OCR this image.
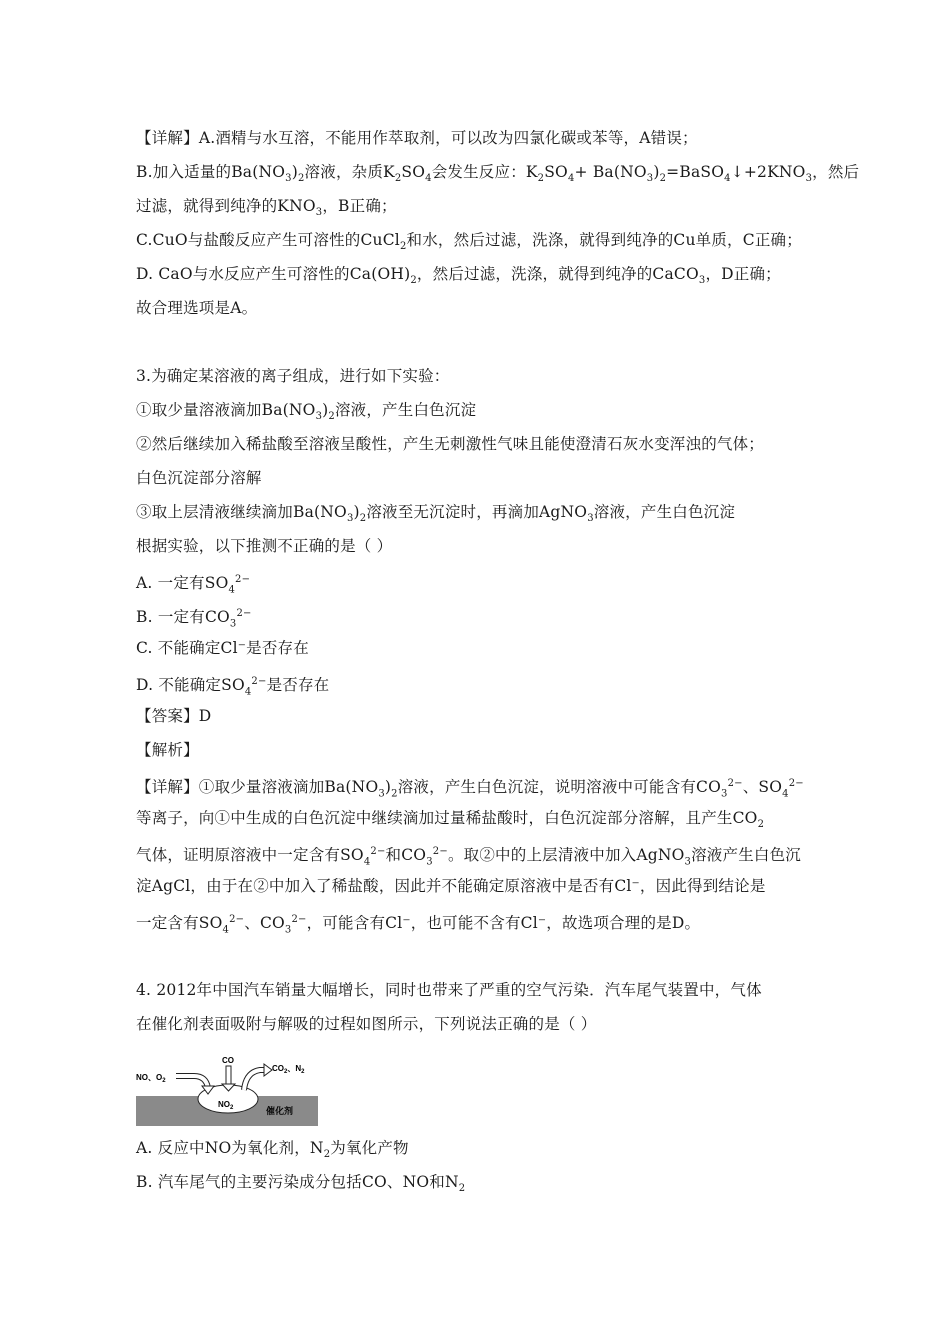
【详解】A.酒精与水互溶，不能用作萃取剂，可以改为四氯化碳或苯等，A错误；
B.加入适量的$Ba(NO_3)_2$溶液，杂质$K_2SO_4$会发生反应：$K_2SO_4+$ $Ba(NO_3)_2=BaSO_4↓+2KNO_3$，然后
过滤，就得到纯净的$KNO_3$，B正确；
C.CuO与盐酸反应产生可溶性的CuCl$_2$和水，然后过滤，洗涤，就得到纯净的Cu单质，C正确；
D. CaO与水反应产生可溶性的$Ca(OH)_2$，然后过滤，洗涤，就得到纯净的CaCO$_3$，D正确；
故合理选项是A。
3.为确定某溶液的离子组成，进行如下实验：
①取少量溶液滴加$Ba(NO_3)_2$溶液，产生白色沉淀
②然后继续加入稀盐酸至溶液呈酸性，产生无刺激性气味且能使澄清石灰水变浑浊的气体；
白色沉淀部分溶解
③取上层清液继续滴加$Ba(NO_3)_2$溶液至无沉淀时，再滴加AgNO$_3$溶液，产生白色沉淀
根据实验，以下推测不正确的是（ ）
A. 一定有$SO_4^{2-}$
B. 一定有$CO_3^{2-}$
C. 不能确定Cl⁻是否存在
D. 不能确定$SO_4^{2-}$是否存在
【答案】D
【解析】
【详解】①取少量溶液滴加$Ba(NO_3)_2$溶液，产生白色沉淀，说明溶液中可能含有$CO_3^{2-}$、$SO_4^{2-}$
等离子，向①中生成的白色沉淀中继续滴加过量稀盐酸时，白色沉淀部分溶解，且产生$CO_2$
气体，证明原溶液中一定含有$SO_4^{2-}$和$CO_3^{2-}$。取②中的上层清液中加入AgNO$_3$溶液产生白色沉
淀AgCl，由于在②中加入了稀盐酸，因此并不能确定原溶液中是否有Cl⁻，因此得到结论是
一定含有$SO_4^{2-}$、$CO_3^{2-}$，可能含有Cl⁻，也可能不含有Cl⁻，故选项合理的是D。
4. 2012年中国汽车销量大幅增长，同时也带来了严重的空气污染．汽车尾气装置中，气体
在催化剂表面吸附与解吸的过程如图所示，下列说法正确的是（ ）
NO、$O_2$
CO
$CO_2$、$N_2$
$NO_2$	催化剂
A. 反应中NO为氧化剂，$N_2$为氧化产物
B. 汽车尾气的主要污染成分包括CO、NO和$N_2$
